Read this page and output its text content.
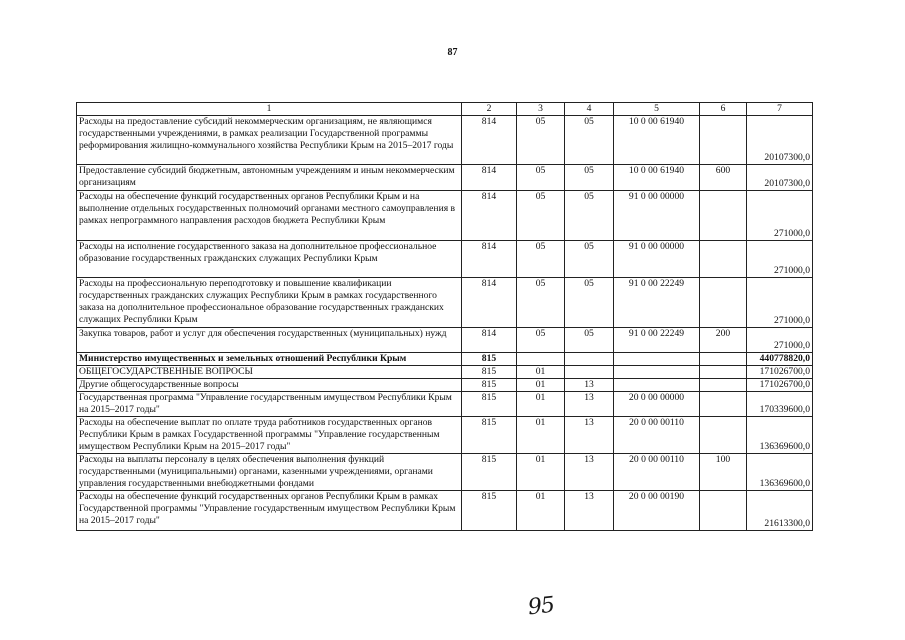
87
1	2	3	4	5	6	7
Расходы на предоставление субсидий некоммерческим организациям, не являющимся государственными учреждениями, в рамках реализации Государственной программы реформирования жилищно-коммунального хозяйства Республики Крым на 2015–2017 годы	814	05	05	10 0 00 61940		20107300,0
Предоставление субсидий бюджетным, автономным учреждениям и иным некоммерческим организациям	814	05	05	10 0 00 61940	600	20107300,0
Расходы на обеспечение функций государственных органов Республики Крым и на выполнение отдельных государственных полномочий органами местного самоуправления в рамках непрограммного направления расходов бюджета Республики Крым	814	05	05	91 0 00 00000		271000,0
Расходы на исполнение государственного заказа на дополнительное профессиональное образование государственных гражданских служащих Республики Крым	814	05	05	91 0 00 00000		271000,0
Расходы на профессиональную переподготовку и повышение квалификации государственных гражданских служащих Республики Крым в рамках государственного заказа на дополнительное профессиональное образование государственных гражданских служащих Республики Крым	814	05	05	91 0 00 22249		271000,0
Закупка товаров, работ и услуг для обеспечения государственных (муниципальных) нужд	814	05	05	91 0 00 22249	200	271000,0
Министерство имущественных и земельных отношений Республики Крым	815					440778820,0
ОБЩЕГОСУДАРСТВЕННЫЕ ВОПРОСЫ	815	01				171026700,0
Другие общегосударственные вопросы	815	01	13			171026700,0
Государственная программа "Управление государственным имуществом Республики Крым на 2015–2017 годы"	815	01	13	20 0 00 00000		170339600,0
Расходы на обеспечение выплат по оплате труда работников государственных органов Республики Крым в рамках Государственной программы "Управление государственным имуществом Республики Крым на 2015–2017 годы"	815	01	13	20 0 00 00110		136369600,0
Расходы на выплаты персоналу в целях обеспечения выполнения функций государственными (муниципальными) органами, казенными учреждениями, органами управления государственными внебюджетными фондами	815	01	13	20 0 00 00110	100	136369600,0
Расходы на обеспечение функций государственных органов Республики Крым в рамках Государственной программы "Управление государственным имуществом Республики Крым на 2015–2017 годы"	815	01	13	20 0 00 00190		21613300,0
95
